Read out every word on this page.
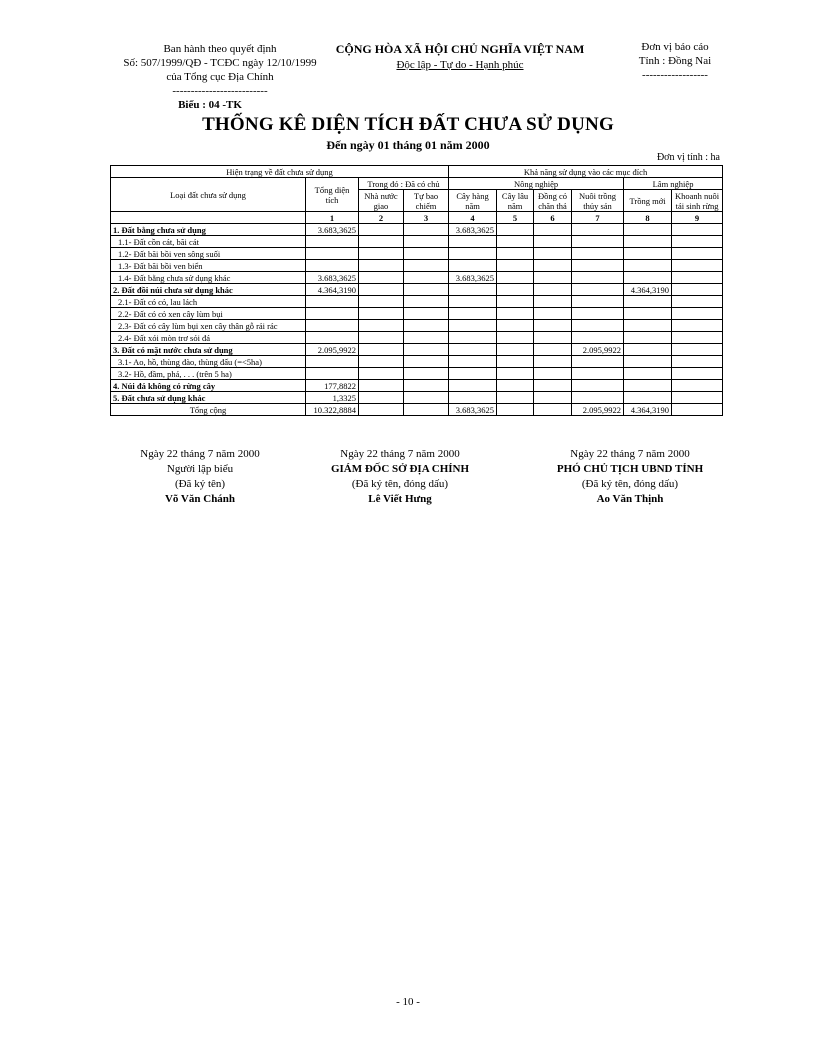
Ban hành theo quyết định
Số: 507/1999/QĐ - TCĐC ngày 12/10/1999
của Tổng cục Địa Chính
--------------------------
CỘNG HÒA XÃ HỘI CHỦ NGHĨA VIỆT NAM
Độc lập - Tự do - Hạnh phúc
Đơn vị báo cáo
Tỉnh : Đồng Nai
------------------
Biểu : 04 -TK
THỐNG KÊ DIỆN TÍCH ĐẤT CHƯA SỬ DỤNG
Đến ngày 01 tháng 01 năm 2000
Đơn vị tính : ha
Hiện trạng về đất chưa sử dụng				Khả năng sử dụng vào các mục đích					
Loại đất chưa sử dụng	Tổng diện tích	Trong đó : Đã có chủ		Nông nghiệp				Lâm nghiệp	
		Nhà nước giao	Tự bao chiếm	Cây hàng năm	Cây lâu năm	Đồng cỏ chăn thả	Nuôi trồng thủy sản	Trồng mới	Khoanh nuôi tái sinh rừng

	1	2	3	4	5	6	7	8	9
1. Đất bằng chưa sử dụng	3.683,3625			3.683,3625					
1.1- Đất cồn cát, bãi cát									
1.2- Đất bãi bồi ven sông suối									
1.3- Đất bãi bồi ven biển									
1.4- Đất bằng chưa sử dụng khác	3.683,3625			3.683,3625					
2. Đất đồi núi chưa sử dụng khác	4.364,3190							4.364,3190	
2.1- Đất có cỏ, lau lách									
2.2- Đất có cỏ xen cây lùm bụi									
2.3- Đất có cây lùm bụi xen cây thân gỗ rải rác									
2.4- Đất xói mòn trơ sỏi đá									
3. Đất có mặt nước chưa sử dụng	2.095,9922						2.095,9922		
3.1- Ao, hồ, thùng đào, thùng đấu (=<5ha)									
3.2- Hồ, đầm, phá, . . . (trên 5 ha)									
4. Núi đá không có rừng cây	177,8822								
5. Đất chưa sử dụng khác	1,3325								
Tổng cộng	10.322,8884			3.683,3625			2.095,9922	4.364,3190	
Ngày 22 tháng 7 năm 2000
Người lập biểu
(Đã ký tên)
Võ Văn Chánh
Ngày 22 tháng 7 năm 2000
GIÁM ĐỐC SỞ ĐỊA CHÍNH
(Đã ký tên, đóng dấu)
Lê Viết Hưng
Ngày 22 tháng 7 năm 2000
PHÓ CHỦ TỊCH UBND TỈNH
(Đã ký tên, đóng dấu)
Ao Văn Thịnh
- 10 -
